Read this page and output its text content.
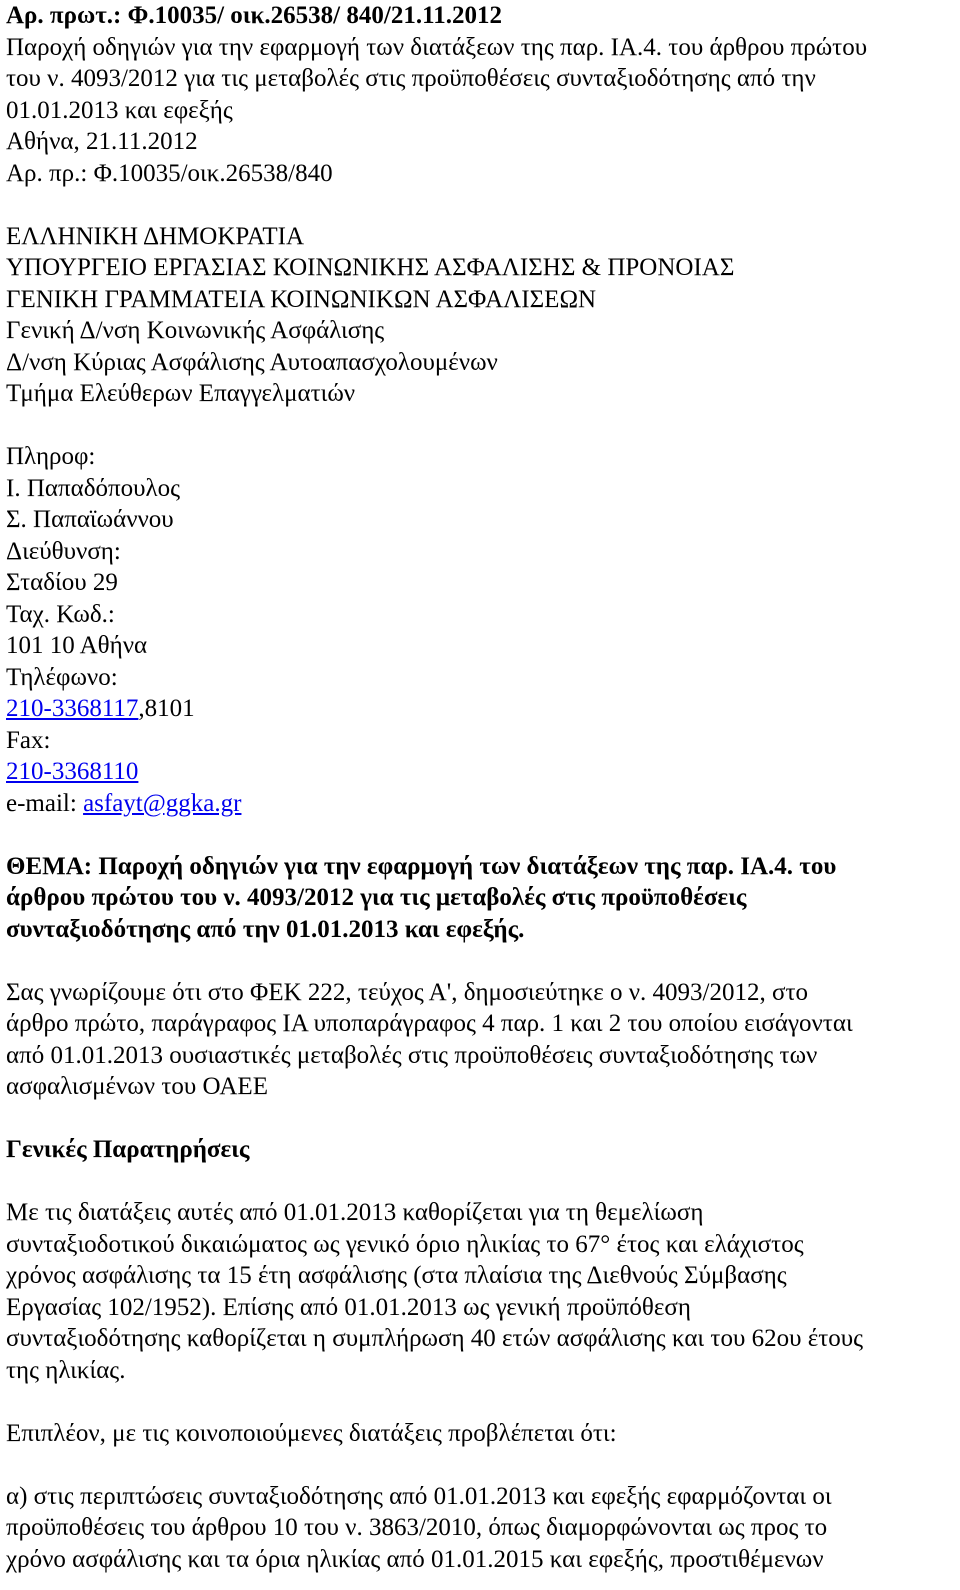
Αρ. πρωτ.: Φ.10035/ οικ.26538/ 840/21.11.2012
Παροχή οδηγιών για την εφαρμογή των διατάξεων της παρ. ΙΑ.4. του άρθρου πρώτου
του ν. 4093/2012 για τις μεταβολές στις προϋποθέσεις συνταξιοδότησης από την
01.01.2013 και εφεξής
Αθήνα, 21.11.2012
Αρ. πρ.: Φ.10035/οικ.26538/840
ΕΛΛΗΝΙΚΗ ΔΗΜΟΚΡΑΤΙΑ
ΥΠΟΥΡΓΕΙΟ ΕΡΓΑΣΙΑΣ ΚΟΙΝΩΝΙΚΗΣ ΑΣΦΑΛΙΣΗΣ & ΠΡΟΝΟΙΑΣ
ΓΕΝΙΚΗ ΓΡΑΜΜΑΤΕΙΑ ΚΟΙΝΩΝΙΚΩΝ ΑΣΦΑΛΙΣΕΩΝ
Γενική Δ/νση Κοινωνικής Ασφάλισης
Δ/νση Κύριας Ασφάλισης Αυτοαπασχολουμένων
Τμήμα Ελεύθερων Επαγγελματιών
Πληροφ:
Ι. Παπαδόπουλος
Σ. Παπαϊωάννου
Διεύθυνση:
Σταδίου 29
Ταχ. Κωδ.:
101 10 Αθήνα
Τηλέφωνο:
210-3368117,8101
Fax:
210-3368110
e-mail: asfayt@ggka.gr
ΘΕΜΑ: Παροχή οδηγιών για την εφαρμογή των διατάξεων της παρ. ΙΑ.4. του
άρθρου πρώτου του ν. 4093/2012 για τις μεταβολές στις προϋποθέσεις
συνταξιοδότησης από την 01.01.2013 και εφεξής.
Σας γνωρίζουμε ότι στο ΦΕΚ 222, τεύχος Α', δημοσιεύτηκε ο ν. 4093/2012, στο
άρθρο πρώτο, παράγραφος ΙΑ υποπαράγραφος 4 παρ. 1 και 2 του οποίου εισάγονται
από 01.01.2013 ουσιαστικές μεταβολές στις προϋποθέσεις συνταξιοδότησης των
ασφαλισμένων του ΟΑΕΕ
Γενικές Παρατηρήσεις
Με τις διατάξεις αυτές από 01.01.2013 καθορίζεται για τη θεμελίωση
συνταξιοδοτικού δικαιώματος ως γενικό όριο ηλικίας το 67° έτος και ελάχιστος
χρόνος ασφάλισης τα 15 έτη ασφάλισης (στα πλαίσια της Διεθνούς Σύμβασης
Εργασίας 102/1952). Επίσης από 01.01.2013 ως γενική προϋπόθεση
συνταξιοδότησης καθορίζεται η συμπλήρωση 40 ετών ασφάλισης και του 62ου έτους
της ηλικίας.
Επιπλέον, με τις κοινοποιούμενες διατάξεις προβλέπεται ότι:
α) στις περιπτώσεις συνταξιοδότησης από 01.01.2013 και εφεξής εφαρμόζονται οι
προϋποθέσεις του άρθρου 10 του ν. 3863/2010, όπως διαμορφώνονται ως προς το
χρόνο ασφάλισης και τα όρια ηλικίας από 01.01.2015 και εφεξής, προστιθέμενων
